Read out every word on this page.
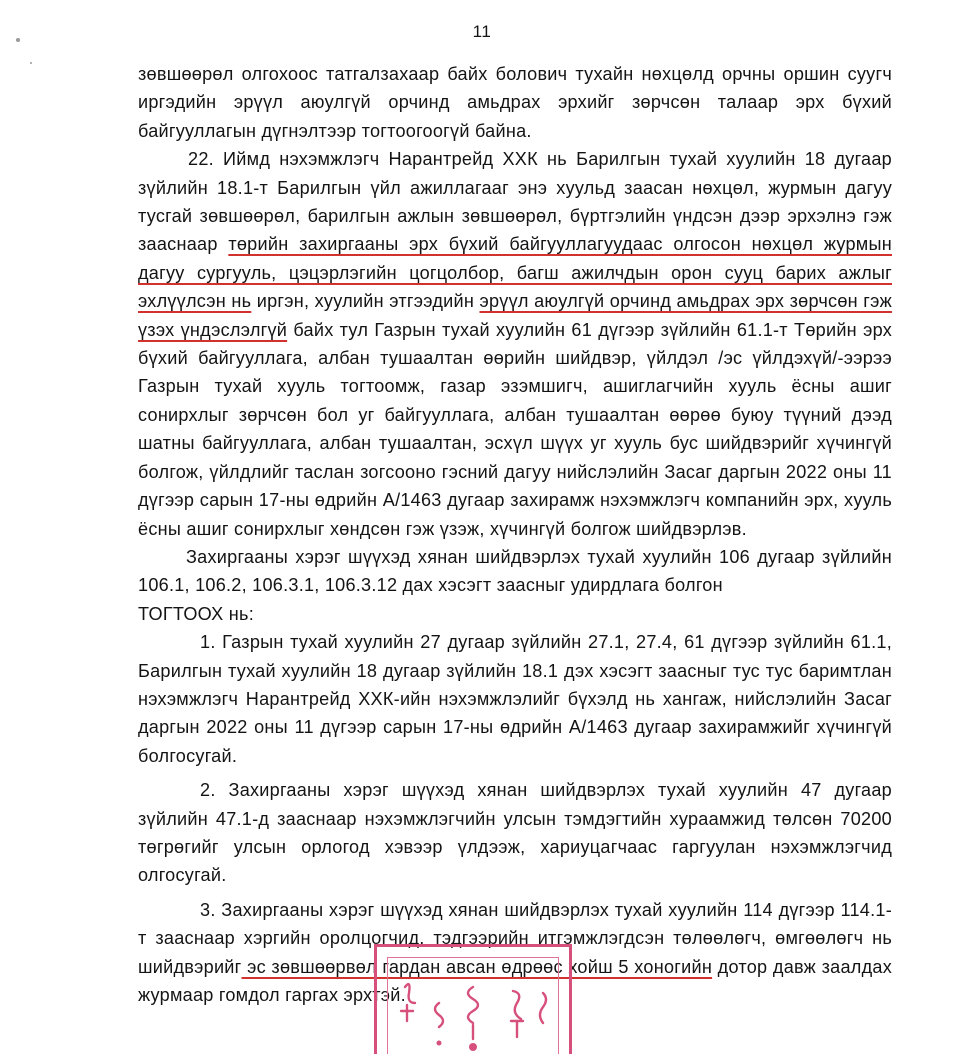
11

зөвшөөрөл олгохоос татгалзахаар байх болович тухайн нөхцөлд орчны оршин суугч иргэдийн эрүүл аюулгүй орчинд амьдрах эрхийг зөрчсөн талаар эрх бүхий байгууллагын дүгнэлтээр тогтоогоогүй байна.

22. Иймд нэхэмжлэгч Нарантрейд ХХК нь Барилгын тухай хуулийн 18 дугаар зүйлийн 18.1-т Барилгын үйл ажиллагааг энэ хуульд заасан нөхцөл, журмын дагуу тусгай зөвшөөрөл, барилгын ажлын зөвшөөрөл, бүртгэлийн үндсэн дээр эрхэлнэ гэж зааснаар төрийн захиргааны эрх бүхий байгууллагуудаас олгосон нөхцөл журмын дагуу сургууль, цэцэрлэгийн цогцолбор, багш ажилчдын орон сууц барих ажлыг эхлүүлсэн нь иргэн, хуулийн этгээдийн эрүүл аюулгүй орчинд амьдрах эрх зөрчсөн гэж үзэх үндэслэлгүй байх тул Газрын тухай хуулийн 61 дүгээр зүйлийн 61.1-т Төрийн эрх бүхий байгууллага, албан тушаалтан өөрийн шийдвэр, үйлдэл /эс үйлдэхүй/-ээрээ Газрын тухай хууль тогтоомж, газар эзэмшигч, ашиглагчийн хууль ёсны ашиг сонирхлыг зөрчсөн бол уг байгууллага, албан тушаалтан өөрөө буюу түүний дээд шатны байгууллага, албан тушаалтан, эсхүл шүүх уг хууль бус шийдвэрийг хүчингүй болгож, үйлдлийг таслан зогсооно гэсний дагуу нийслэлийн Засаг даргын 2022 оны 11 дүгээр сарын 17-ны өдрийн А/1463 дугаар захирамж нэхэмжлэгч компанийн эрх, хууль ёсны ашиг сонирхлыг хөндсөн гэж үзэж, хүчингүй болгож шийдвэрлэв.

Захиргааны хэрэг шүүхэд хянан шийдвэрлэх тухай хуулийн 106 дугаар зүйлийн 106.1, 106.2, 106.3.1, 106.3.12 дах хэсэгт заасныг удирдлага болгон

ТОГТООХ нь:

1. Газрын тухай хуулийн 27 дугаар зүйлийн 27.1, 27.4, 61 дүгээр зүйлийн 61.1, Барилгын тухай хуулийн 18 дугаар зүйлийн 18.1 дэх хэсэгт заасныг тус тус баримтлан нэхэмжлэгч Нарантрейд ХХК-ийн нэхэмжлэлийг бүхэлд нь хангаж, нийслэлийн Засаг даргын 2022 оны 11 дүгээр сарын 17-ны өдрийн А/1463 дугаар захирамжийг хүчингүй болгосугай.

2. Захиргааны хэрэг шүүхэд хянан шийдвэрлэх тухай хуулийн 47 дугаар зүйлийн 47.1-д зааснаар нэхэмжлэгчийн улсын тэмдэгтийн хураамжид төлсөн 70200 төгрөгийг улсын орлогод хэвээр үлдээж, хариуцагчаас гаргуулан нэхэмжлэгчид олгосугай.

3. Захиргааны хэрэг шүүхэд хянан шийдвэрлэх тухай хуулийн 114 дүгээр 114.1-т зааснаар хэргийн оролцогчид, тэдгээрийн итгэмжлэгдсэн төлөөлөгч, өмгөөлөгч нь шийдвэрийг эс зөвшөөрвөл гардан авсан өдрөөс хойш 5 хоногийн дотор давж заалдах журмаар гомдол гаргах эрхтэй.
